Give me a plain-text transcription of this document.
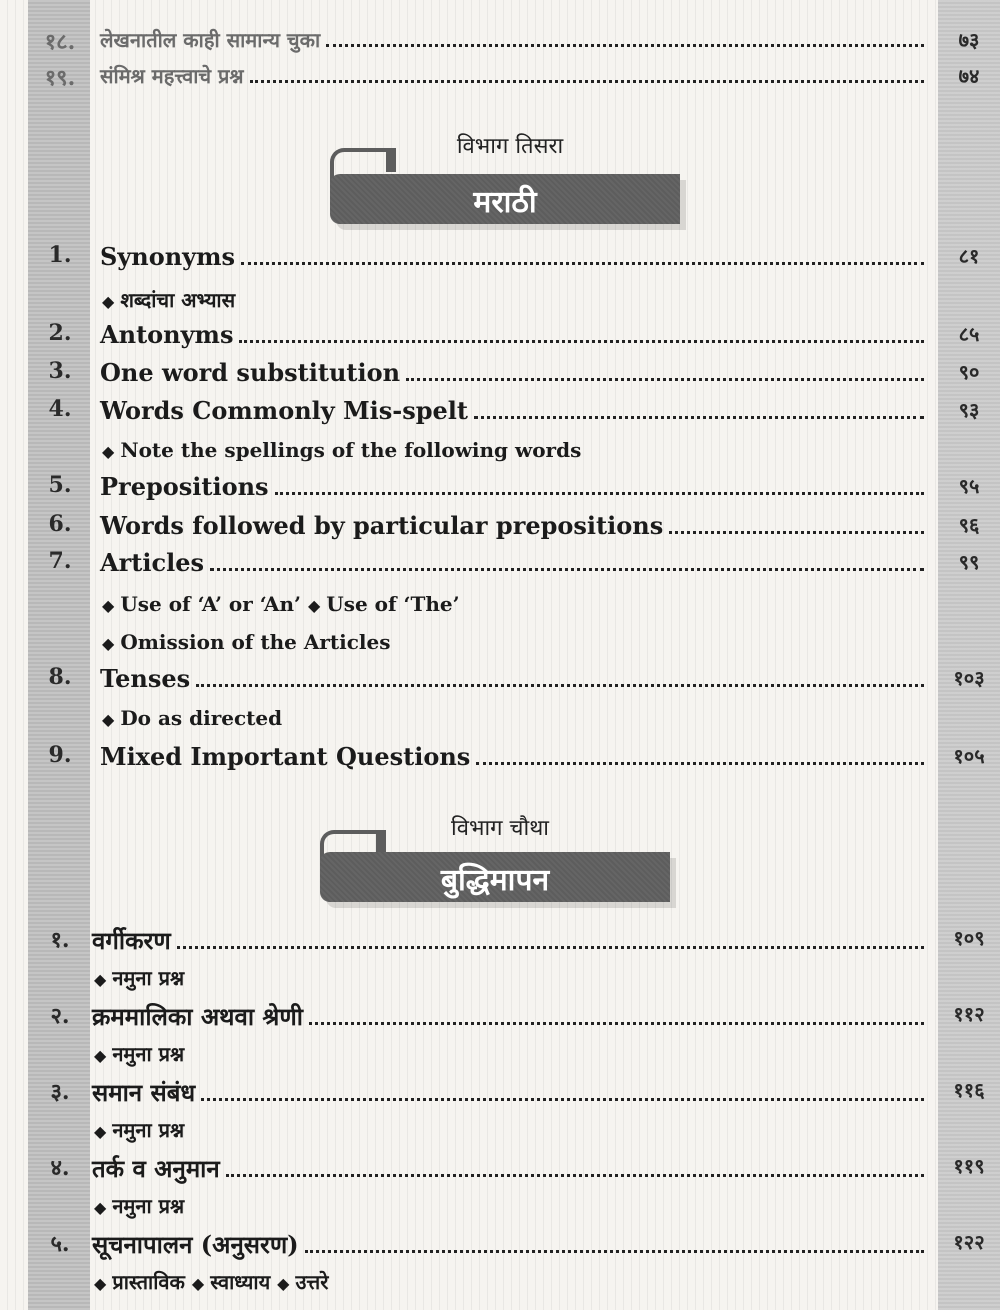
१८.	लेखनातील काही सामान्य चुका	७३
१९.	संमिश्र महत्त्वाचे प्रश्न	७४
विभाग तिसरा
मराठी
1.	Synonyms	८१
◆ शब्दांचा अभ्यास
2.	Antonyms	८५
3.	One word substitution	९०
4.	Words Commonly Mis-spelt	९३
◆ Note the spellings of the following words
5.	Prepositions	९५
6.	Words followed by particular prepositions	९६
7.	Articles	९९
◆ Use of ‘A’ or ‘An’ ◆ Use of ‘The’
◆ Omission of the Articles
8.	Tenses	१०३
◆ Do as directed
9.	Mixed Important Questions	१०५
विभाग चौथा
बुद्धिमापन
१. वर्गीकरण	१०९
◆ नमुना प्रश्न
२. क्रममालिका अथवा श्रेणी	११२
◆ नमुना प्रश्न
३. समान संबंध	११६
◆ नमुना प्रश्न
४. तर्क व अनुमान	११९
◆ नमुना प्रश्न
५. सूचनापालन (अनुसरण)	१२२
◆ प्रास्ताविक ◆ स्वाध्याय ◆ उत्तरे
